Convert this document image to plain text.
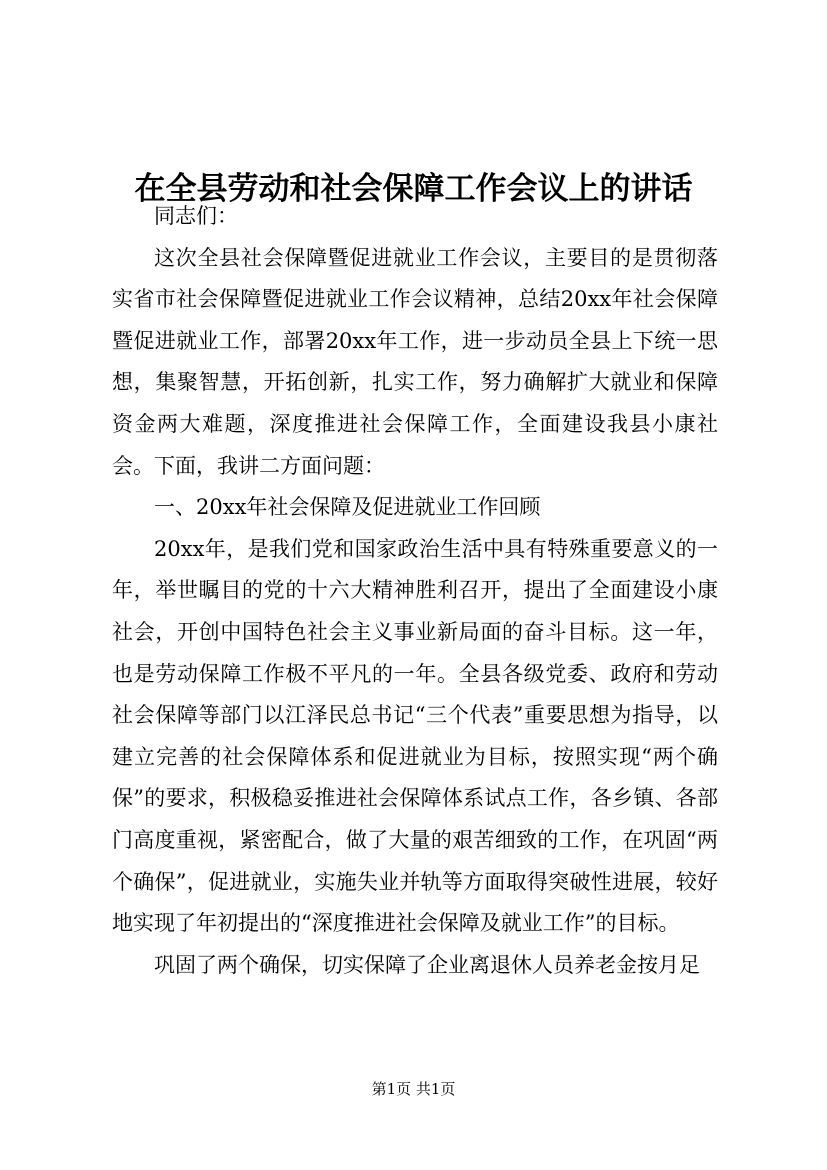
在全县劳动和社会保障工作会议上的讲话

同志们：

这次全县社会保障暨促进就业工作会议，主要目的是贯彻落实省市社会保障暨促进就业工作会议精神，总结20xx年社会保障暨促进就业工作，部署20xx年工作，进一步动员全县上下统一思想，集聚智慧，开拓创新，扎实工作，努力确解扩大就业和保障资金两大难题，深度推进社会保障工作，全面建设我县小康社会。下面，我讲二方面问题：

一、20xx年社会保障及促进就业工作回顾

20xx年，是我们党和国家政治生活中具有特殊重要意义的一年，举世瞩目的党的十六大精神胜利召开，提出了全面建设小康社会，开创中国特色社会主义事业新局面的奋斗目标。这一年，也是劳动保障工作极不平凡的一年。全县各级党委、政府和劳动社会保障等部门以江泽民总书记“三个代表”重要思想为指导，以建立完善的社会保障体系和促进就业为目标，按照实现“两个确保”的要求，积极稳妥推进社会保障体系试点工作，各乡镇、各部门高度重视，紧密配合，做了大量的艰苦细致的工作，在巩固“两个确保”，促进就业，实施失业并轨等方面取得突破性进展，较好地实现了年初提出的“深度推进社会保障及就业工作”的目标。

巩固了两个确保，切实保障了企业离退休人员养老金按月足

第1页 共1页
